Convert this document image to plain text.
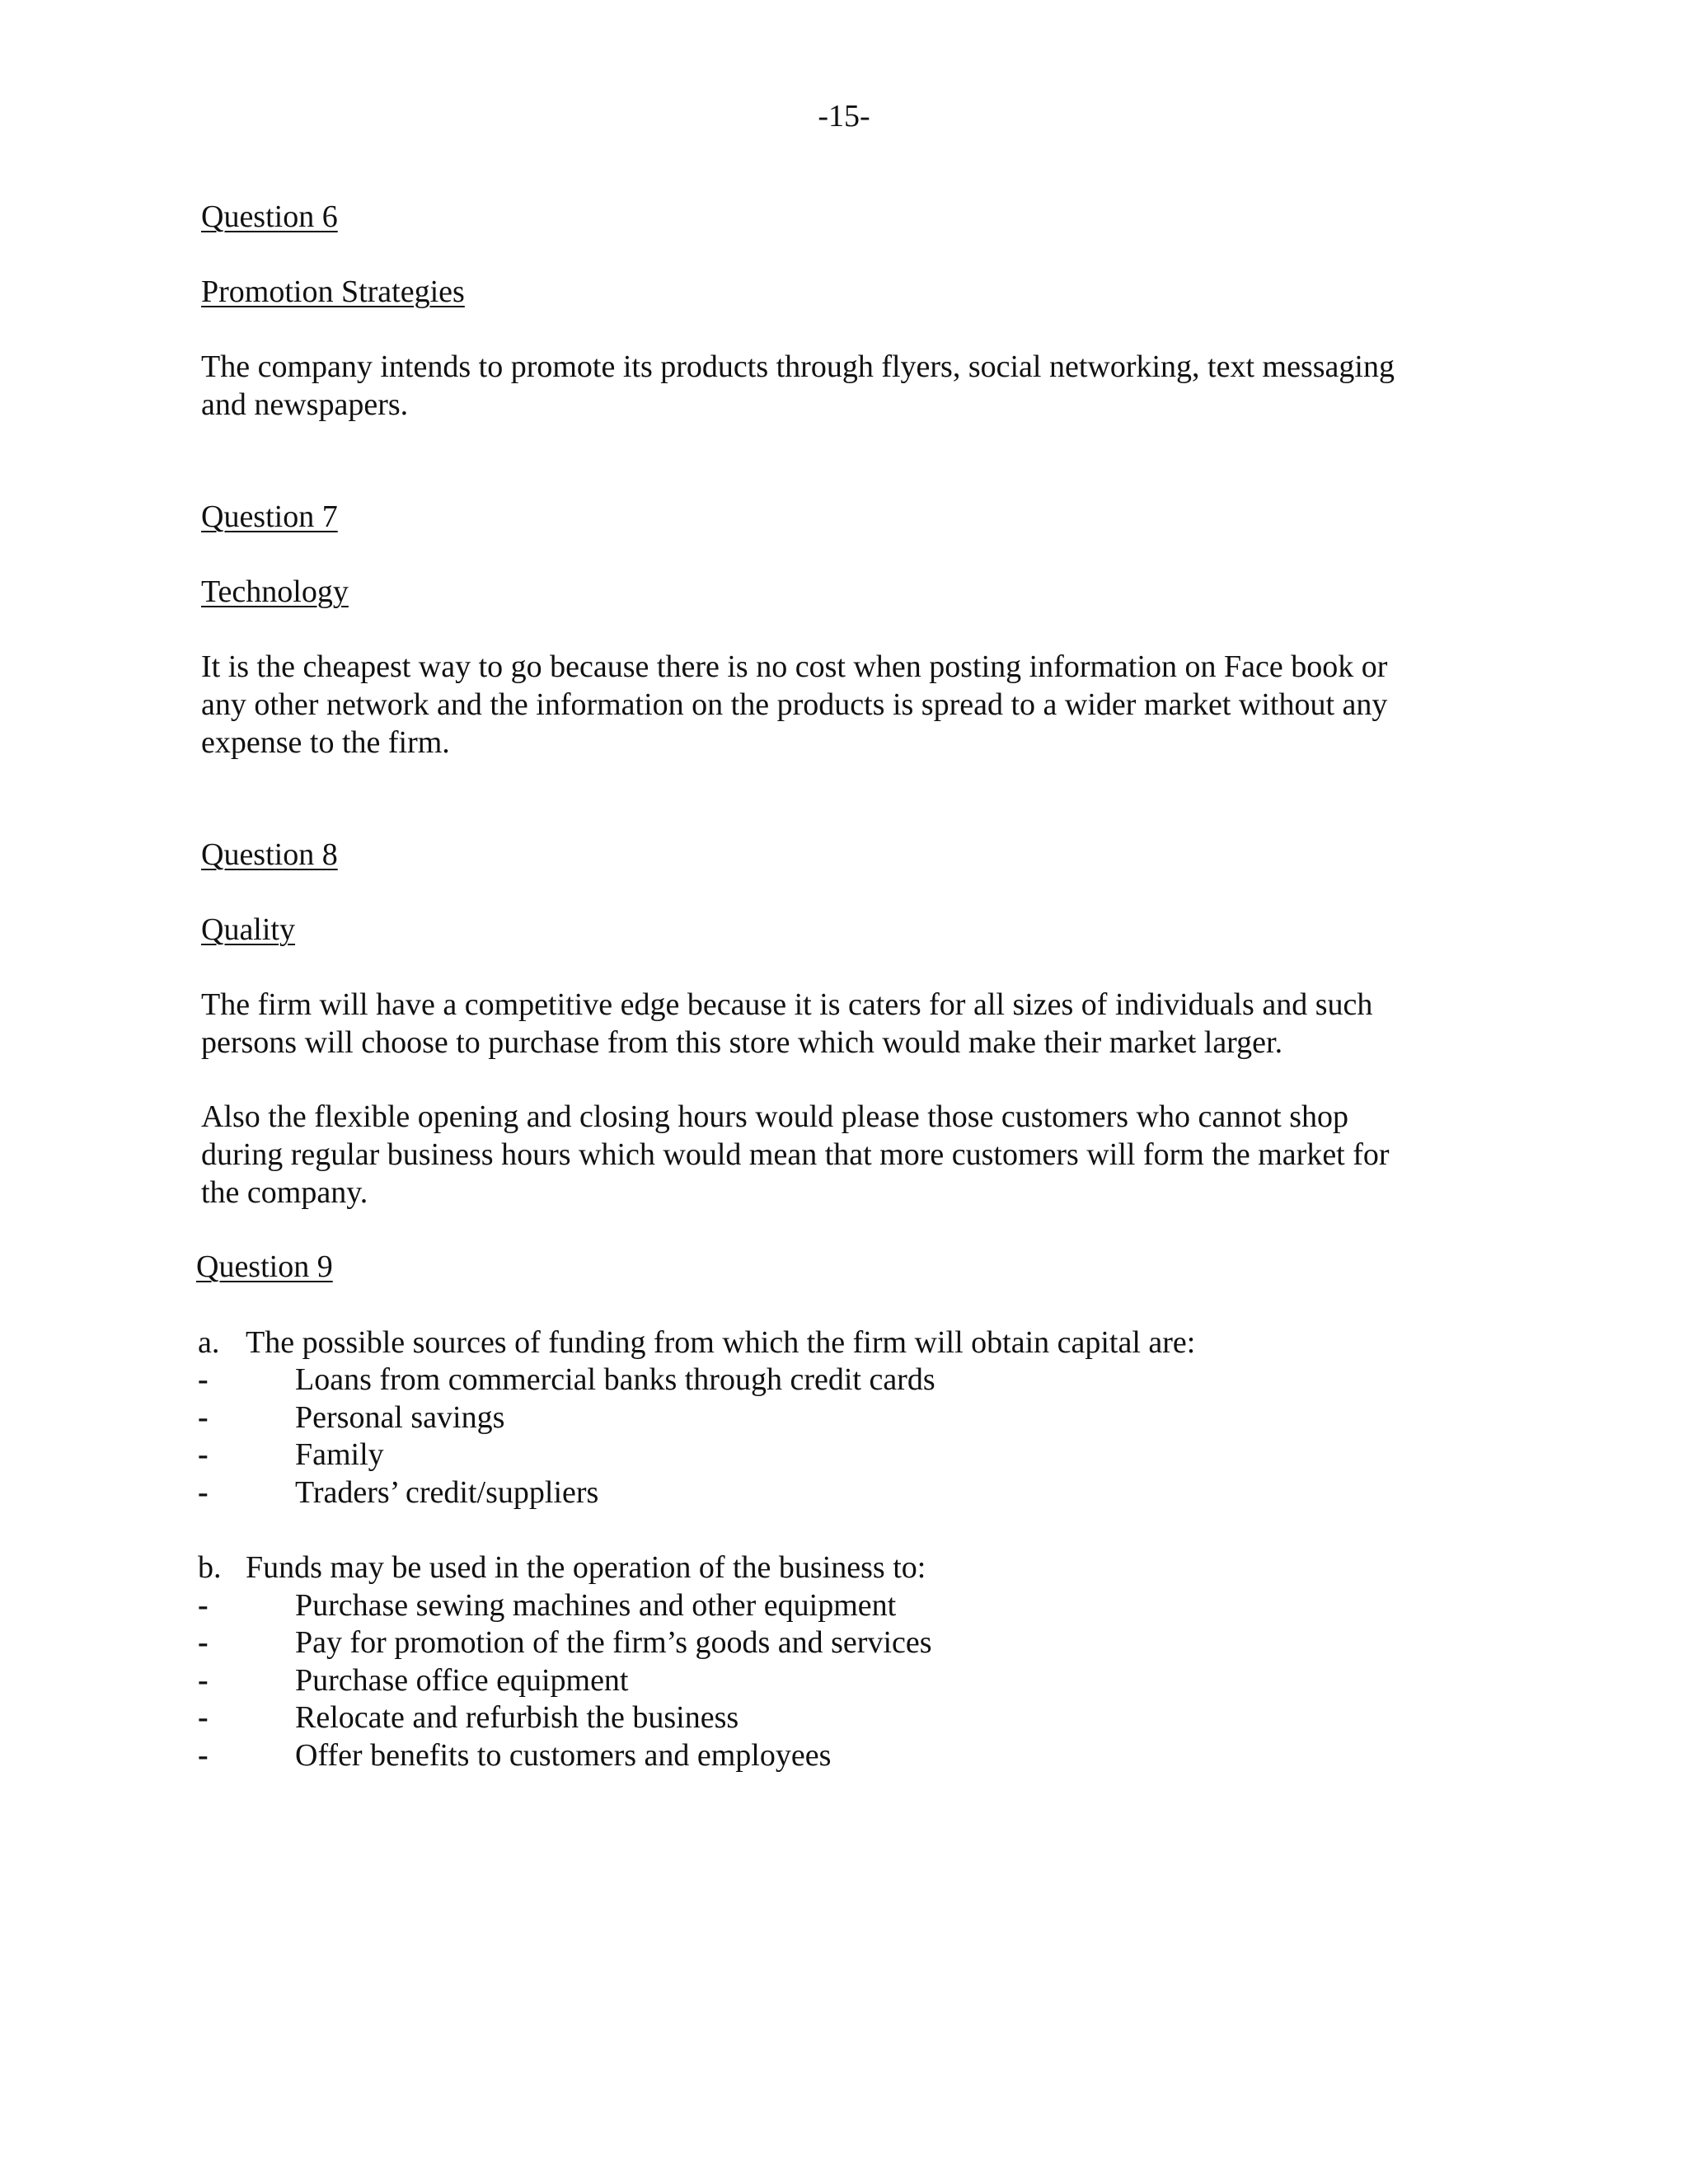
-15-
Question 6
Promotion Strategies

The company intends to promote its products through flyers, social networking, text messaging

and newspapers.

Question 7
Technology

It is the cheapest way to go because there is no cost when posting information on Face book or

any other network and the information on the products is spread to a wider market without any

expense to the firm.

Question 8
Quality

The firm will have a competitive edge because it is caters for all sizes of individuals and such

persons will choose to purchase from this store which would make their market larger.

Also the flexible opening and closing hours would please those customers who cannot shop

during regular business hours which would mean that more customers will form the market for

the company.

Question 9
a. The possible sources of funding from which the firm will obtain capital are:
-	Loans from commercial banks through credit cards
-	Personal savings
-	Family
-	Traders’ credit/suppliers
b. Funds may be used in the operation of the business to:
-	Purchase sewing machines and other equipment
-	Pay for promotion of the firm’s goods and services
-	Purchase office equipment
-	Relocate and refurbish the business
-	Offer benefits to customers and employees
